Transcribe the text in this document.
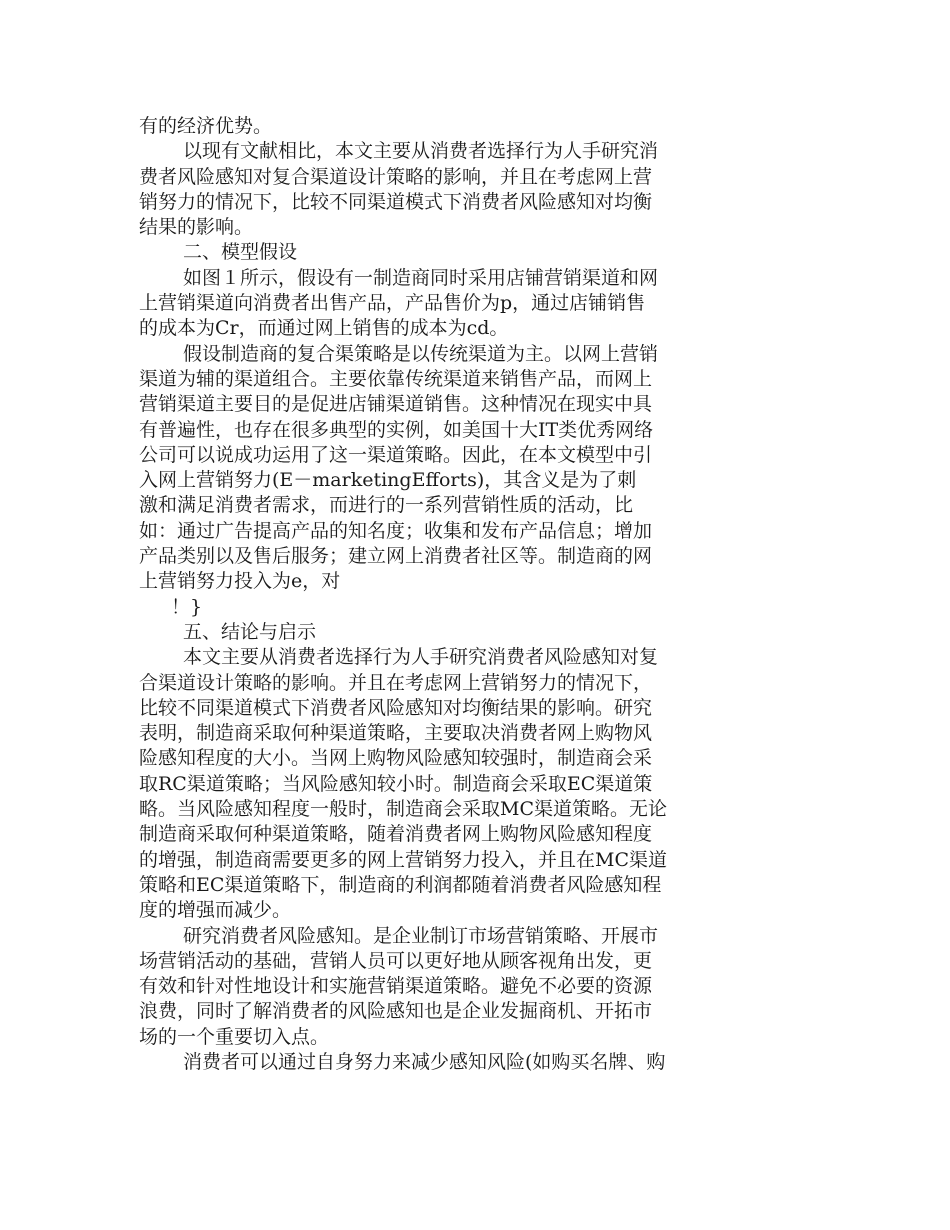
有的经济优势。
以现有文献相比，本文主要从消费者选择行为人手研究消
费者风险感知对复合渠道设计策略的影响，并且在考虑网上营
销努力的情况下，比较不同渠道模式下消费者风险感知对均衡
结果的影响。
二、模型假设
如图１所示，假设有一制造商同时采用店铺营销渠道和网
上营销渠道向消费者出售产品，产品售价为p，通过店铺销售
的成本为Cr，而通过网上销售的成本为cd。
假设制造商的复合渠策略是以传统渠道为主。以网上营销
渠道为辅的渠道组合。主要依靠传统渠道来销售产品，而网上
营销渠道主要目的是促进店铺渠道销售。这种情况在现实中具
有普遍性，也存在很多典型的实例，如美国十大IT类优秀网络
公司可以说成功运用了这一渠道策略。因此，在本文模型中引
入网上营销努力(E－marketingEfforts)，其含义是为了刺
激和满足消费者需求，而进行的一系列营销性质的活动，比
如：通过广告提高产品的知名度；收集和发布产品信息；增加
产品类别以及售后服务；建立网上消费者社区等。制造商的网
上营销努力投入为e，对
！}
五、结论与启示
本文主要从消费者选择行为人手研究消费者风险感知对复
合渠道设计策略的影响。并且在考虑网上营销努力的情况下，
比较不同渠道模式下消费者风险感知对均衡结果的影响。研究
表明，制造商采取何种渠道策略，主要取决消费者网上购物风
险感知程度的大小。当网上购物风险感知较强时，制造商会采
取RC渠道策略；当风险感知较小时。制造商会采取EC渠道策
略。当风险感知程度一般时，制造商会采取MC渠道策略。无论
制造商采取何种渠道策略，随着消费者网上购物风险感知程度
的增强，制造商需要更多的网上营销努力投入，并且在MC渠道
策略和EC渠道策略下，制造商的利润都随着消费者风险感知程
度的增强而减少。
研究消费者风险感知。是企业制订市场营销策略、开展市
场营销活动的基础，营销人员可以更好地从顾客视角出发，更
有效和针对性地设计和实施营销渠道策略。避免不必要的资源
浪费，同时了解消费者的风险感知也是企业发掘商机、开拓市
场的一个重要切入点。
消费者可以通过自身努力来减少感知风险(如购买名牌、购
